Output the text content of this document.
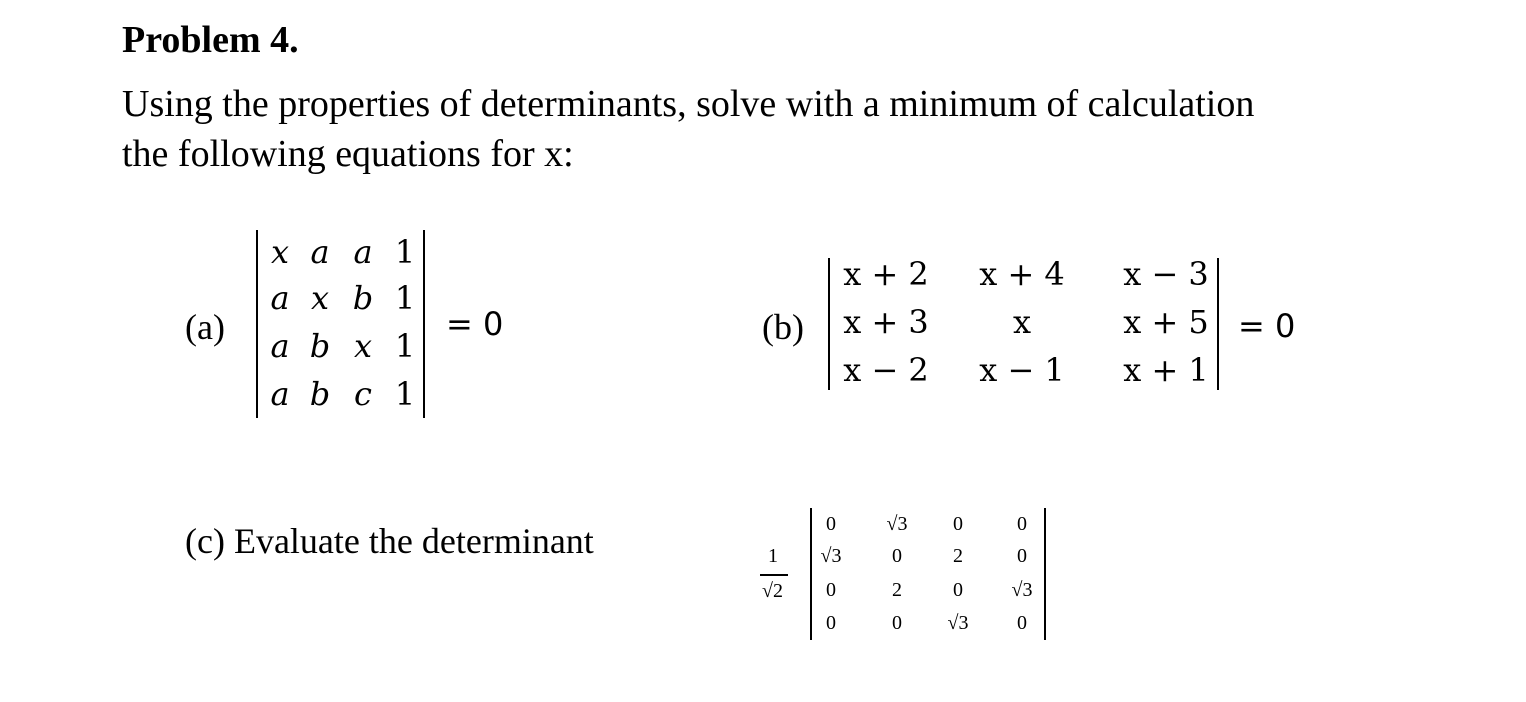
Problem 4.
Using the properties of determinants, solve with a minimum of calculation
the following equations for x:
(a)
x a a 1
a x b 1
a b x 1
a b c 1
= 0	(b)
x + 2	x + 4	x − 3
x + 3	x	x + 5
x − 2	x − 1	x + 1
= 0
(c) Evaluate the determinant	1
√2
0	√3	0	0
√3	0	2	0
0	2	0	√3
0	0	√3	0
